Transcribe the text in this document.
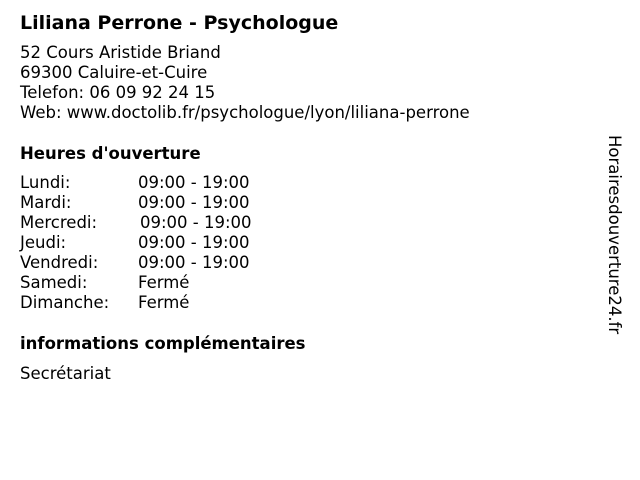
Liliana Perrone - Psychologue
52 Cours Aristide Briand
69300 Caluire-et-Cuire
Telefon: 06 09 92 24 15
Web: www.doctolib.fr/psychologue/lyon/liliana-perrone
Heures d'ouverture
Lundi:	09:00 - 19:00
Mardi:	09:00 - 19:00
Mercredi:	09:00 - 19:00
Jeudi:	09:00 - 19:00
Vendredi: 09:00 - 19:00
Samedi:	Fermé
Dimanche: Fermé
informations complémentaires
Secrétariat
Horairesdouverture24.fr
